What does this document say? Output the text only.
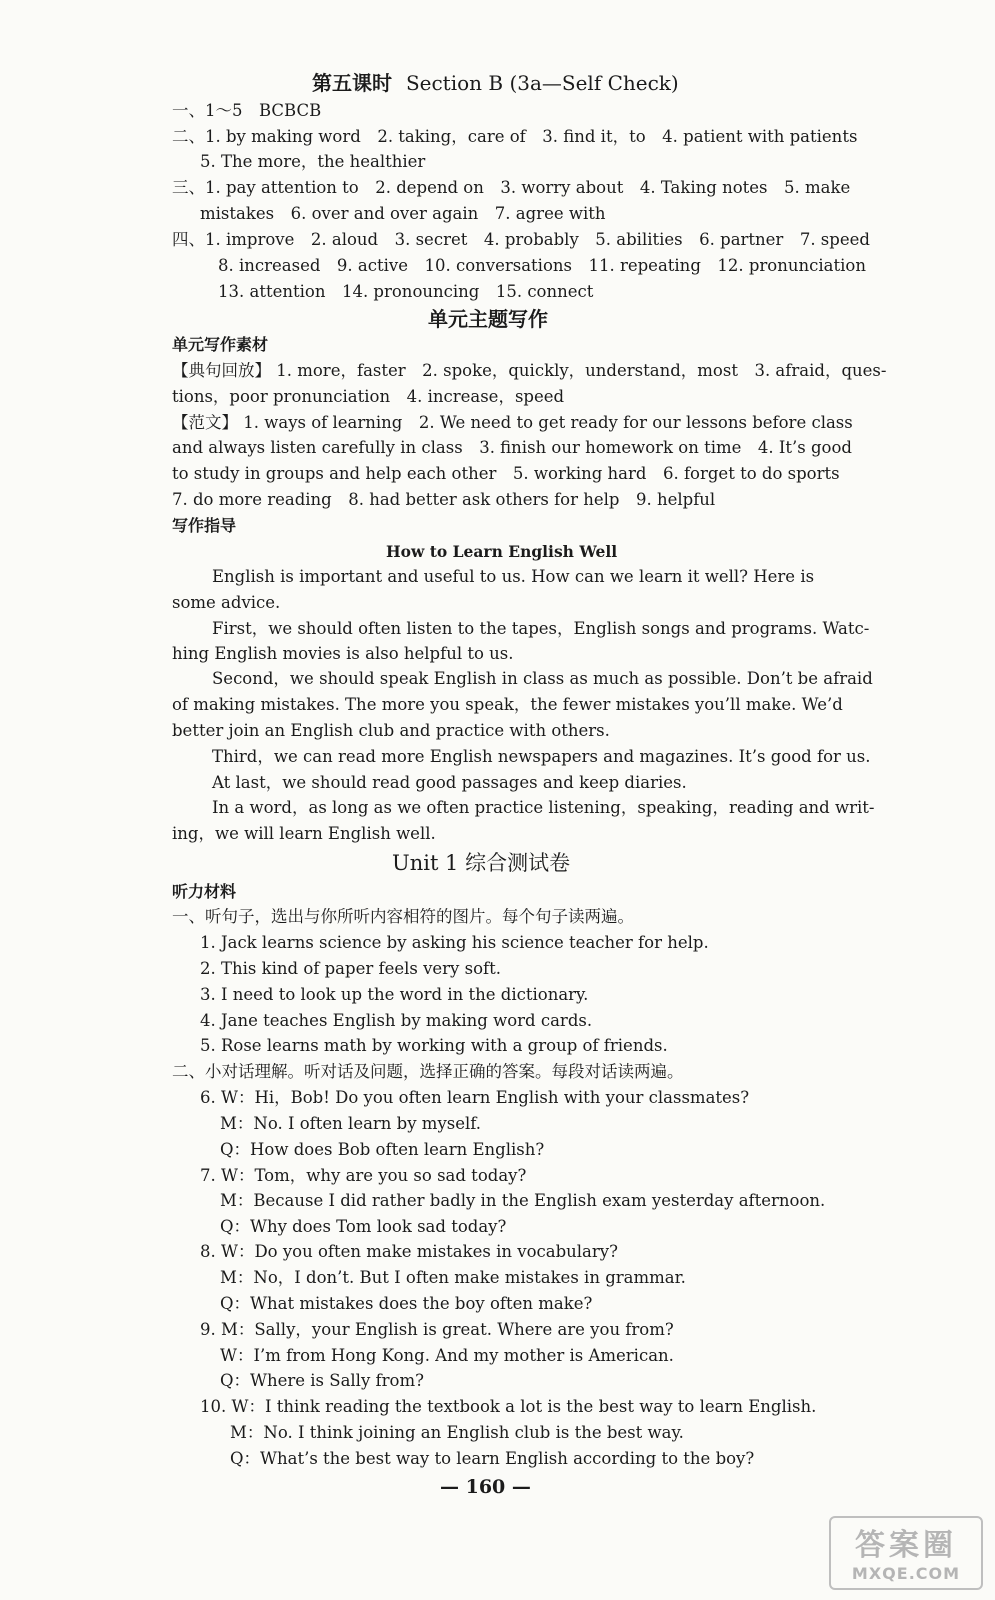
第五课时 Section B (3a—Self Check)
一、1～5　BCBCB
二、1. by making word　2. taking，care of　3. find it，to　4. patient with patients
5. The more，the healthier
三、1. pay attention to　2. depend on　3. worry about　4. Taking notes　5. make
mistakes　6. over and over again　7. agree with
四、1. improve　2. aloud　3. secret　4. probably　5. abilities　6. partner　7. speed
8. increased　9. active　10. conversations　11. repeating　12. pronunciation
13. attention　14. pronouncing　15. connect
单元主题写作
单元写作素材
【典句回放】 1. more，faster　2. spoke，quickly，understand，most　3. afraid，ques-
tions，poor pronunciation　4. increase，speed
【范文】 1. ways of learning　2. We need to get ready for our lessons before class
and always listen carefully in class　3. finish our homework on time　4. It’s good
to study in groups and help each other　5. working hard　6. forget to do sports
7. do more reading　8. had better ask others for help　9. helpful
写作指导
How to Learn English Well
English is important and useful to us. How can we learn it well? Here is
some advice.
First，we should often listen to the tapes，English songs and programs. Watc-
hing English movies is also helpful to us.
Second，we should speak English in class as much as possible. Don’t be afraid
of making mistakes. The more you speak，the fewer mistakes you’ll make. We’d
better join an English club and practice with others.
Third，we can read more English newspapers and magazines. It’s good for us.
At last，we should read good passages and keep diaries.
In a word，as long as we often practice listening，speaking，reading and writ-
ing，we will learn English well.
Unit 1 综合测试卷
听力材料
一、听句子，选出与你所听内容相符的图片。每个句子读两遍。
1. Jack learns science by asking his science teacher for help.
2. This kind of paper feels very soft.
3. I need to look up the word in the dictionary.
4. Jane teaches English by making word cards.
5. Rose learns math by working with a group of friends.
二、小对话理解。听对话及问题，选择正确的答案。每段对话读两遍。
6. W：Hi，Bob! Do you often learn English with your classmates?
M：No. I often learn by myself.
Q：How does Bob often learn English?
7. W：Tom，why are you so sad today?
M：Because I did rather badly in the English exam yesterday afternoon.
Q：Why does Tom look sad today?
8. W：Do you often make mistakes in vocabulary?
M：No，I don’t. But I often make mistakes in grammar.
Q：What mistakes does the boy often make?
9. M：Sally，your English is great. Where are you from?
W：I’m from Hong Kong. And my mother is American.
Q：Where is Sally from?
10. W：I think reading the textbook a lot is the best way to learn English.
M：No. I think joining an English club is the best way.
Q：What’s the best way to learn English according to the boy?
— 160 —
答案圈
MXQE.COM
